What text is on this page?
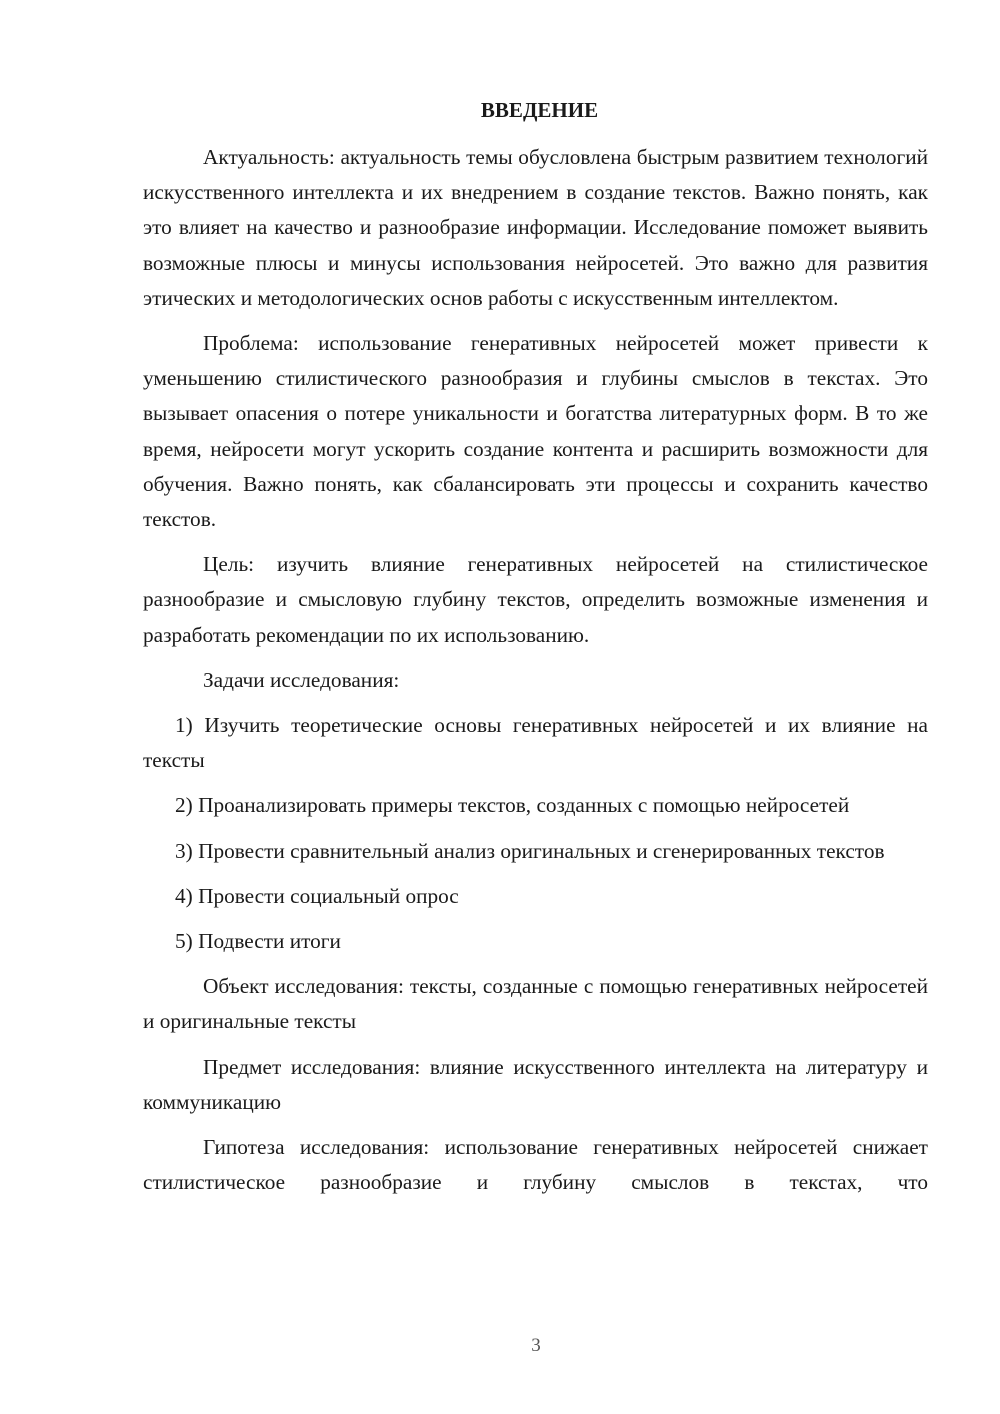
ВВЕДЕНИЕ

Актуальность: актуальность темы обусловлена быстрым развитием технологий искусственного интеллекта и их внедрением в создание текстов. Важно понять, как это влияет на качество и разнообразие информации. Исследование поможет выявить возможные плюсы и минусы использования нейросетей. Это важно для развития этических и методологических основ работы с искусственным интеллектом.

Проблема: использование генеративных нейросетей может привести к уменьшению стилистического разнообразия и глубины смыслов в текстах. Это вызывает опасения о потере уникальности и богатства литературных форм. В то же время, нейросети могут ускорить создание контента и расширить возможности для обучения. Важно понять, как сбалансировать эти процессы и сохранить качество текстов.

Цель: изучить влияние генеративных нейросетей на стилистическое разнообразие и смысловую глубину текстов, определить возможные изменения и разработать рекомендации по их использованию.

Задачи исследования:

1) Изучить теоретические основы генеративных нейросетей и их влияние на тексты

2) Проанализировать примеры текстов, созданных с помощью нейросетей

3) Провести сравнительный анализ оригинальных и сгенерированных текстов

4) Провести социальный опрос

5) Подвести итоги

Объект исследования: тексты, созданные с помощью генеративных нейросетей и оригинальные тексты

Предмет исследования: влияние искусственного интеллекта на литературу и коммуникацию

Гипотеза исследования: использование генеративных нейросетей снижает стилистическое разнообразие и глубину смыслов в текстах, что

3
